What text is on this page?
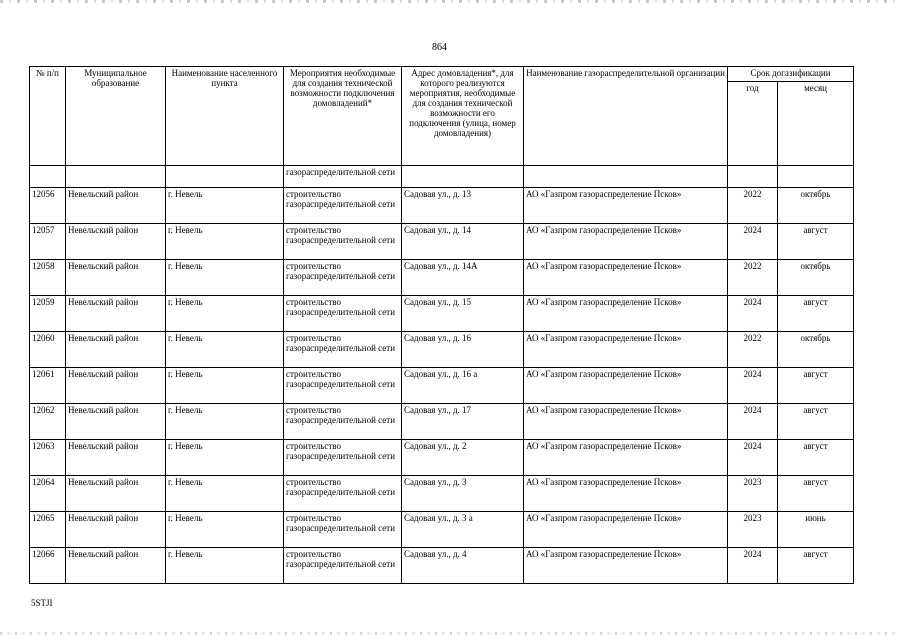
864
№ п/п	Муниципальное образование	Наименование населенного пункта	Мероприятия необходимые для создания технической возможности подключения домовладений*	Адрес домовладения*, для которого реализуются мероприятия, необходимые для создания технической возможности его подключения (улица, номер домовладения)	Наименование газораспределительной организации	Срок догазификации	
						год	месяц
			газораспределительной сети				
12056	Невельский район	г. Невель	строительство газораспределительной сети	Садовая ул., д. 13	АО «Газпром газораспределение Псков»	2022	октябрь
12057	Невельский район	г. Невель	строительство газораспределительной сети	Садовая ул., д. 14	АО «Газпром газораспределение Псков»	2024	август
12058	Невельский район	г. Невель	строительство газораспределительной сети	Садовая ул., д. 14А	АО «Газпром газораспределение Псков»	2022	октябрь
12059	Невельский район	г. Невель	строительство газораспределительной сети	Садовая ул., д. 15	АО «Газпром газораспределение Псков»	2024	август
12060	Невельский район	г. Невель	строительство газораспределительной сети	Садовая ул., д. 16	АО «Газпром газораспределение Псков»	2022	октябрь
12061	Невельский район	г. Невель	строительство газораспределительной сети	Садовая ул., д. 16 а	АО «Газпром газораспределение Псков»	2024	август
12062	Невельский район	г. Невель	строительство газораспределительной сети	Садовая ул., д. 17	АО «Газпром газораспределение Псков»	2024	август
12063	Невельский район	г. Невель	строительство газораспределительной сети	Садовая ул., д. 2	АО «Газпром газораспределение Псков»	2024	август
12064	Невельский район	г. Невель	строительство газораспределительной сети	Садовая ул., д. 3	АО «Газпром газораспределение Псков»	2023	август
12065	Невельский район	г. Невель	строительство газораспределительной сети	Садовая ул., д. 3 а	АО «Газпром газораспределение Псков»	2023	июнь
12066	Невельский район	г. Невель	строительство газораспределительной сети	Садовая ул., д. 4	АО «Газпром газораспределение Псков»	2024	август
5STJI
